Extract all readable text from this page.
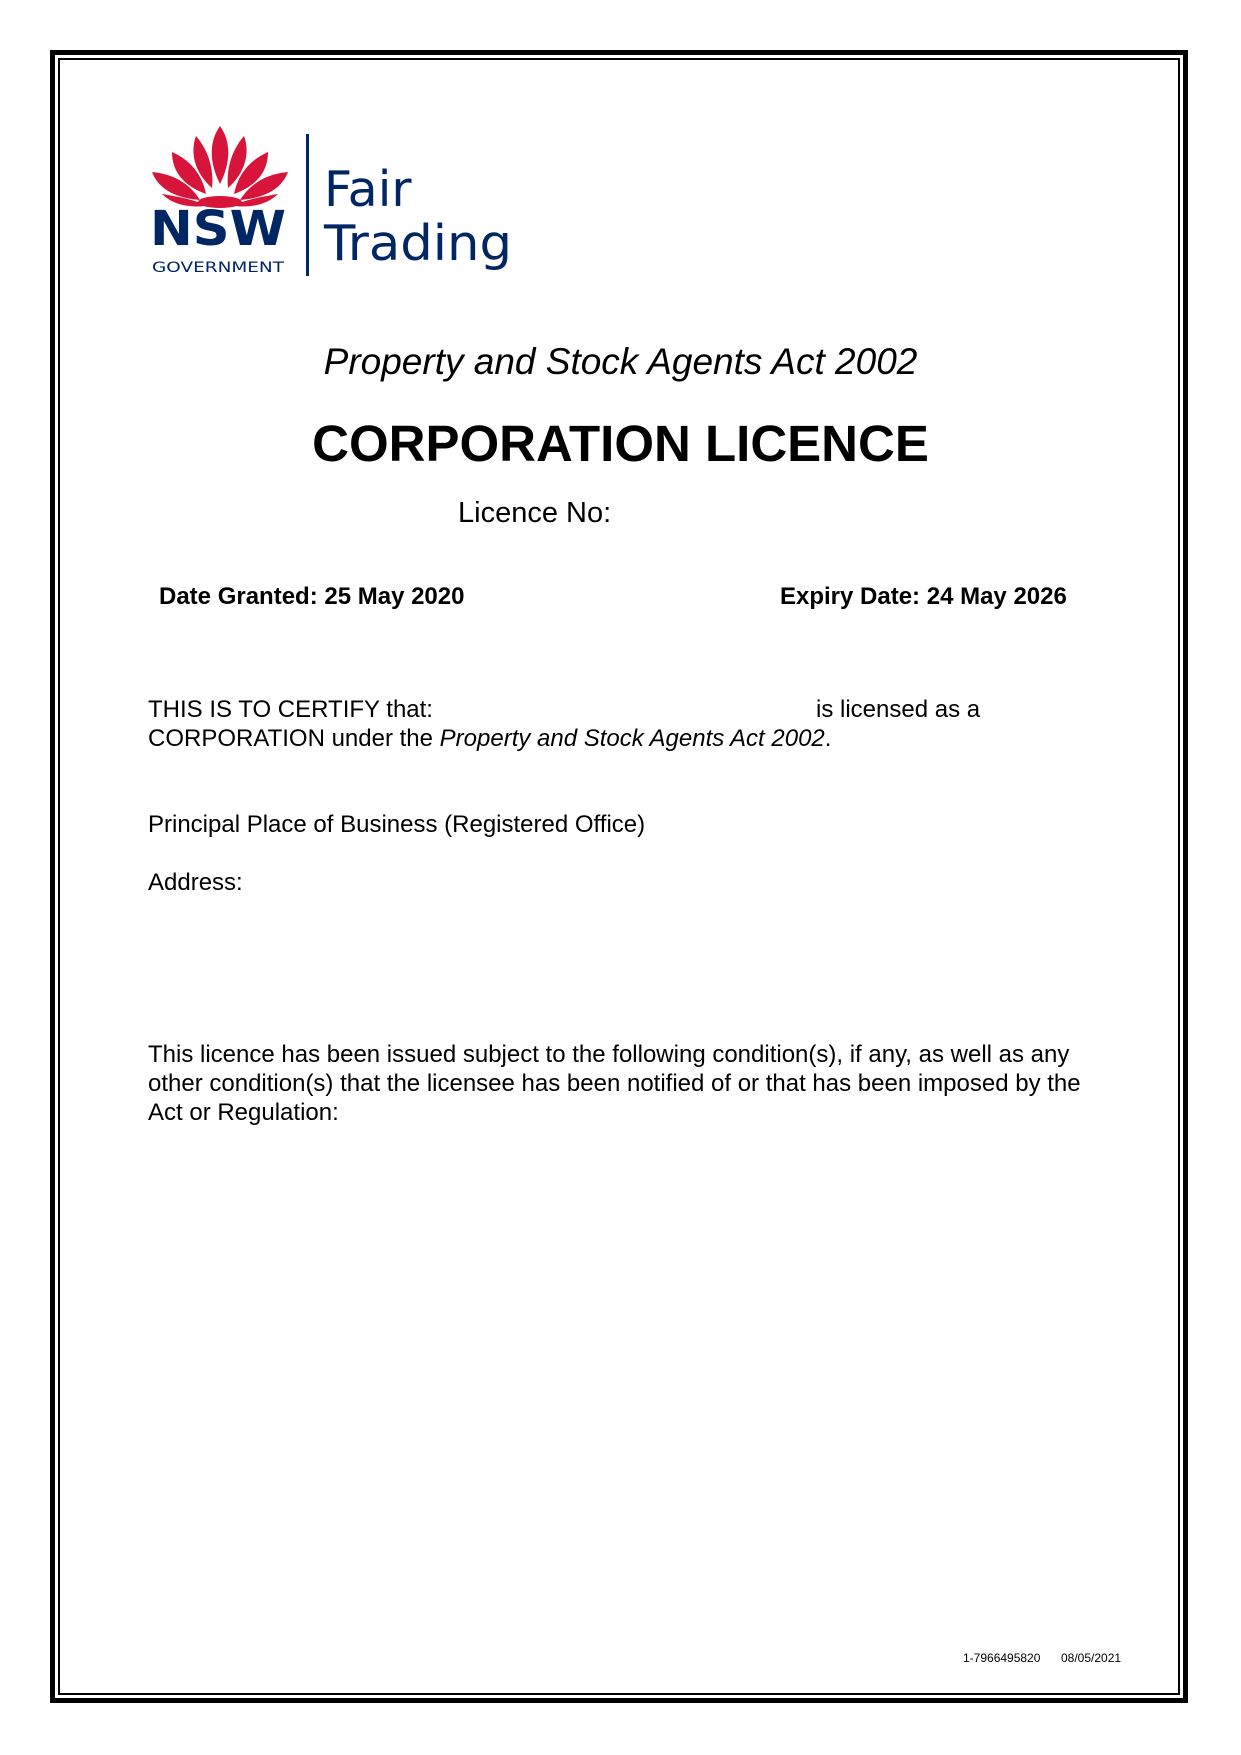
NSW
GOVERNMENT
Fair
Trading
Property and Stock Agents Act 2002
CORPORATION LICENCE
Licence No:
Date Granted: 25 May 2020	Expiry Date: 24 May 2026
THIS IS TO CERTIFY that:	is licensed as a
CORPORATION under the Property and Stock Agents Act 2002.
Principal Place of Business (Registered Office)
Address:
This licence has been issued subject to the following condition(s), if any, as well as any other condition(s) that the licensee has been notified of or that has been imposed by the Act or Regulation:
1-7966495820 08/05/2021
